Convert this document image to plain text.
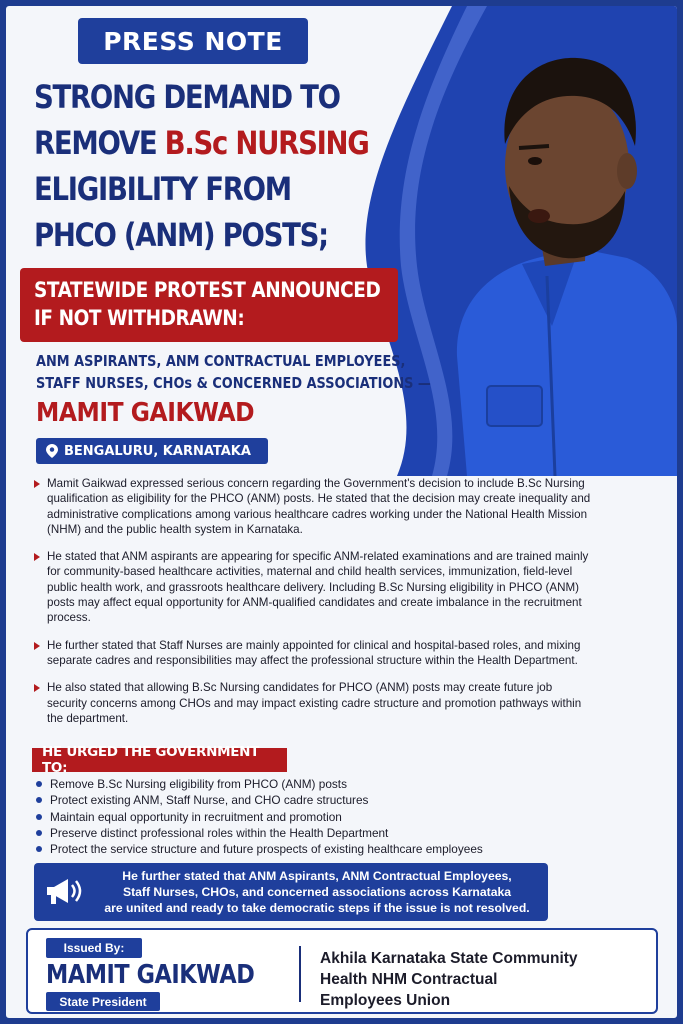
PRESS NOTE
STRONG DEMAND TO
REMOVE B.Sc NURSING
ELIGIBILITY FROM
PHCO (ANM) POSTS;
STATEWIDE PROTEST ANNOUNCED
IF NOT WITHDRAWN:
ANM ASPIRANTS, ANM CONTRACTUAL EMPLOYEES,
STAFF NURSES, CHOs & CONCERNED ASSOCIATIONS —
MAMIT GAIKWAD
BENGALURU, KARNATAKA

Mamit Gaikwad expressed serious concern regarding the Government's decision to include B.Sc Nursing qualification as eligibility for the PHCO (ANM) posts. He stated that the decision may create inequality and administrative complications among various healthcare cadres working under the National Health Mission (NHM) and the public health system in Karnataka.

He stated that ANM aspirants are appearing for specific ANM-related examinations and are trained mainly for community-based healthcare activities, maternal and child health services, immunization, field-level public health work, and grassroots healthcare delivery. Including B.Sc Nursing eligibility in PHCO (ANM) posts may affect equal opportunity for ANM-qualified candidates and create imbalance in the recruitment process.

He further stated that Staff Nurses are mainly appointed for clinical and hospital-based roles, and mixing separate cadres and responsibilities may affect the professional structure within the Health Department.

He also stated that allowing B.Sc Nursing candidates for PHCO (ANM) posts may create future job security concerns among CHOs and may impact existing cadre structure and promotion pathways within the department.

HE URGED THE GOVERNMENT TO:
Remove B.Sc Nursing eligibility from PHCO (ANM) posts
Protect existing ANM, Staff Nurse, and CHO cadre structures
Maintain equal opportunity in recruitment and promotion
Preserve distinct professional roles within the Health Department
Protect the service structure and future prospects of existing healthcare employees
He further stated that ANM Aspirants, ANM Contractual Employees,
Staff Nurses, CHOs, and concerned associations across Karnataka
are united and ready to take democratic steps if the issue is not resolved.
Issued By:
MAMIT GAIKWAD
State President
Akhila Karnataka State Community
Health NHM Contractual
Employees Union
